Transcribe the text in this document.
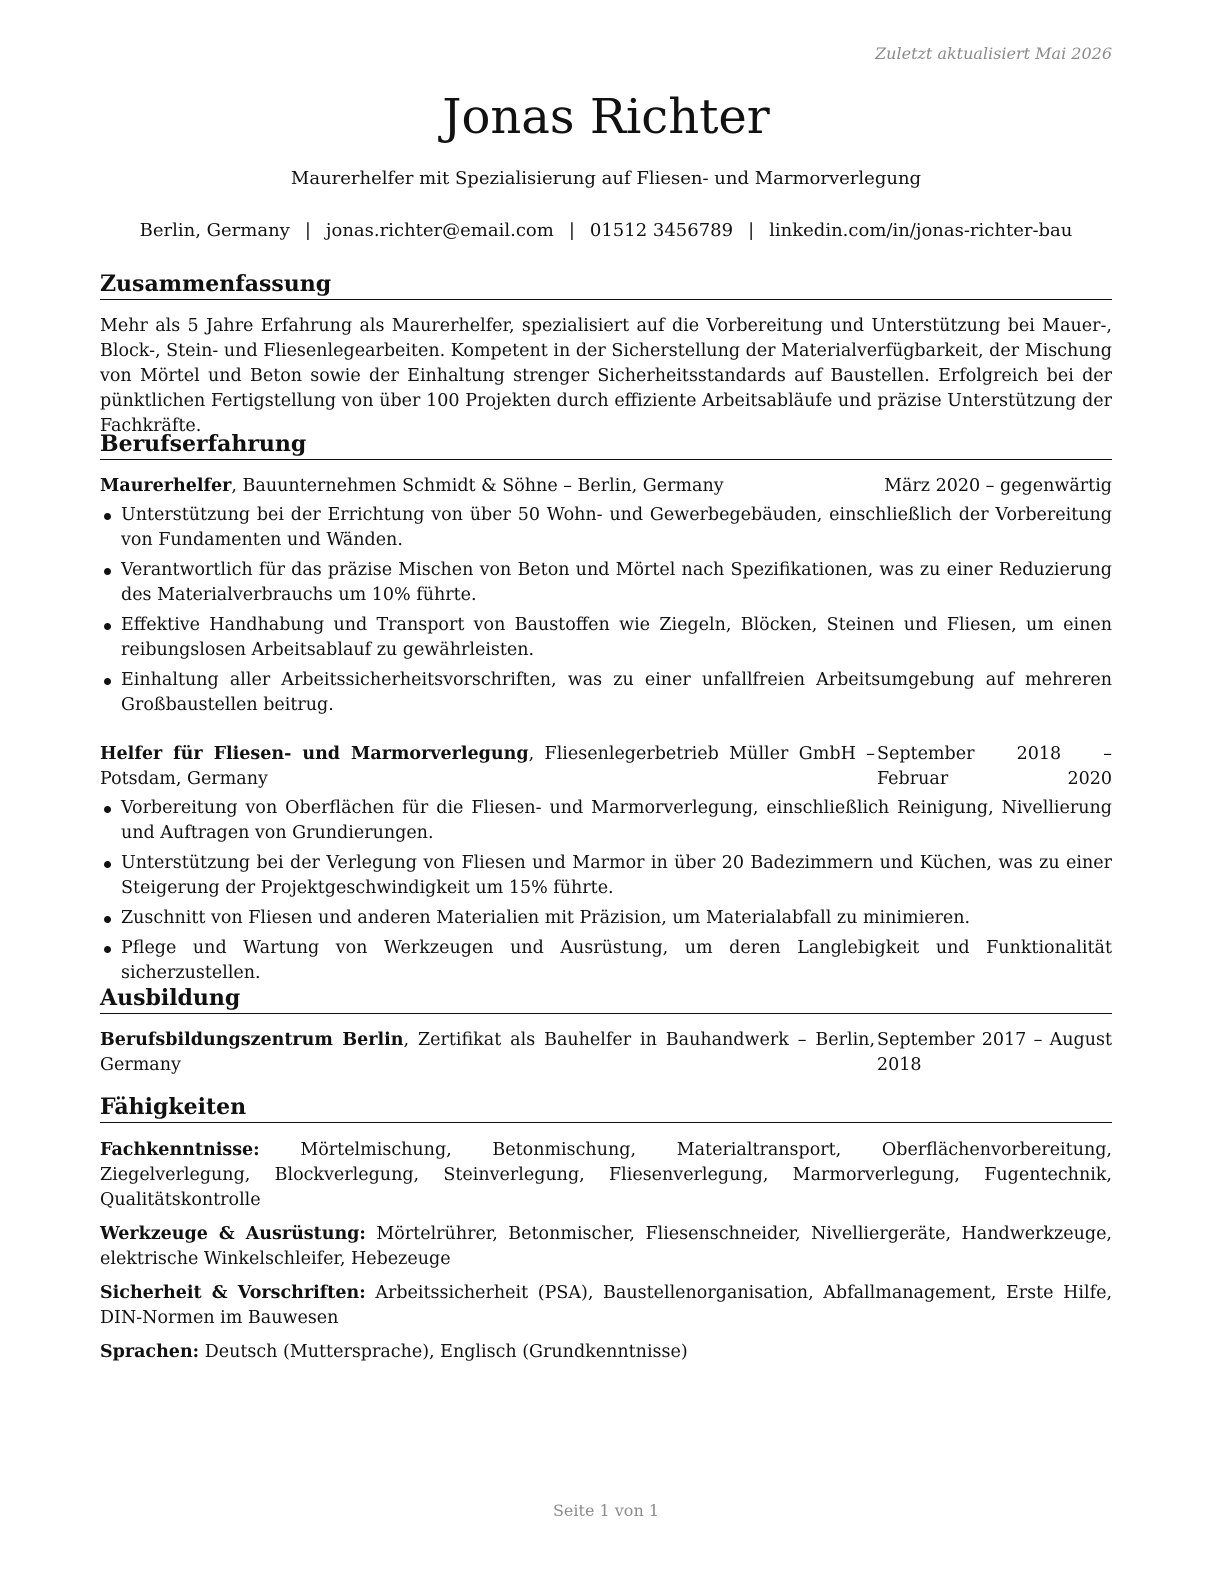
Zuletzt aktualisiert Mai 2026
Jonas Richter
Maurerhelfer mit Spezialisierung auf Fliesen- und Marmorverlegung
Berlin, Germany | jonas.richter@email.com | 01512 3456789 | linkedin.com/in/jonas-richter-bau
Zusammenfassung
Mehr als 5 Jahre Erfahrung als Maurerhelfer, spezialisiert auf die Vorbereitung und Unterstützung bei Mauer-, Block-, Stein- und Fliesenlegearbeiten. Kompetent in der Sicherstellung der Materialverfügbarkeit, der Mischung von Mörtel und Beton sowie der Einhaltung strenger Sicherheitsstandards auf Baustellen. Erfolgreich bei der pünktlichen Fertigstellung von über 100 Projekten durch effiziente Arbeitsabläufe und präzise Unterstützung der Fachkräfte.
Berufserfahrung
Maurerhelfer, Bauunternehmen Schmidt & Söhne – Berlin, Germany	März 2020 – gegenwärtig
Unterstützung bei der Errichtung von über 50 Wohn- und Gewerbegebäuden, einschließlich der Vorbereitung von Fundamenten und Wänden.
Verantwortlich für das präzise Mischen von Beton und Mörtel nach Spezifikationen, was zu einer Reduzierung des Materialverbrauchs um 10% führte.
Effektive Handhabung und Transport von Baustoffen wie Ziegeln, Blöcken, Steinen und Fliesen, um einen reibungslosen Arbeitsablauf zu gewährleisten.
Einhaltung aller Arbeitssicherheitsvorschriften, was zu einer unfallfreien Arbeitsumgebung auf mehreren Großbaustellen beitrug.
Helfer für Fliesen- und Marmorverlegung, Fliesenlegerbetrieb Müller GmbH – Potsdam, Germany
September 2018 – Februar 2020
Vorbereitung von Oberflächen für die Fliesen- und Marmorverlegung, einschließlich Reinigung, Nivellierung und Auftragen von Grundierungen.
Unterstützung bei der Verlegung von Fliesen und Marmor in über 20 Badezimmern und Küchen, was zu einer Steigerung der Projektgeschwindigkeit um 15% führte.
Zuschnitt von Fliesen und anderen Materialien mit Präzision, um Materialabfall zu minimieren.
Pflege und Wartung von Werkzeugen und Ausrüstung, um deren Langlebigkeit und Funktionalität sicherzustellen.
Ausbildung
Berufsbildungszentrum Berlin, Zertifikat als Bauhelfer in Bauhandwerk – Berlin, Germany
September 2017 – August 2018
Fähigkeiten
Fachkenntnisse: Mörtelmischung, Betonmischung, Materialtransport, Oberflächenvorbereitung, Ziegelverlegung, Blockverlegung, Steinverlegung, Fliesenverlegung, Marmorverlegung, Fugentechnik, Qualitätskontrolle
Werkzeuge & Ausrüstung: Mörtelrührer, Betonmischer, Fliesenschneider, Nivelliergeräte, Handwerkzeuge, elektrische Winkelschleifer, Hebezeuge
Sicherheit & Vorschriften: Arbeitssicherheit (PSA), Baustellenorganisation, Abfallmanagement, Erste Hilfe, DIN-Normen im Bauwesen
Sprachen: Deutsch (Muttersprache), Englisch (Grundkenntnisse)
Seite 1 von 1
